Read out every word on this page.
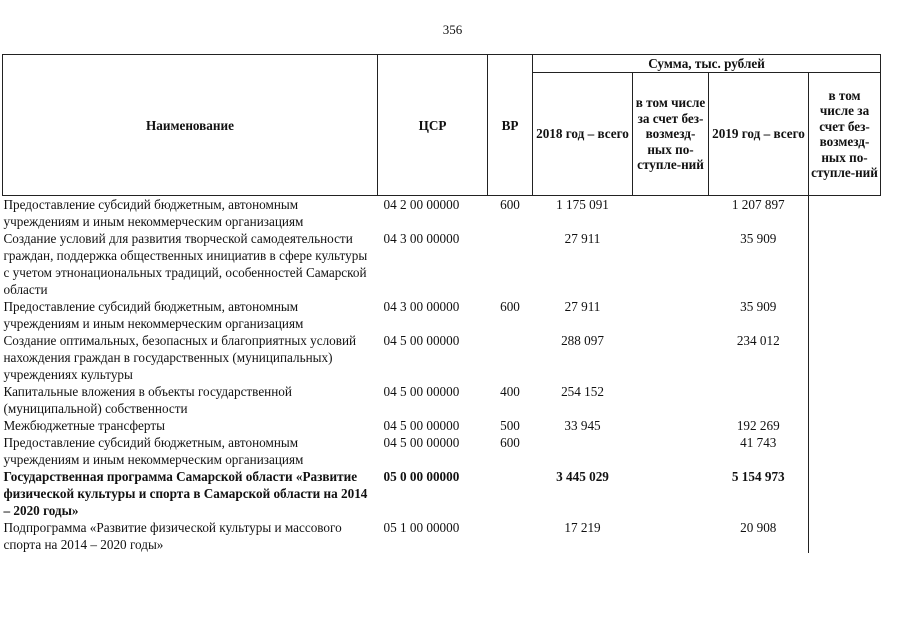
356
Наименование	ЦСР	ВР	Сумма, тыс. рублей			
			2018 год – всего	в том числе за счет без-возмезд-ных по-ступле-ний	2019 год – всего	в том числе за счет без-возмезд-ных по-ступле-ний
Предоставление субсидий бюджетным, автономным учреждениям и иным некоммерческим организациям	04 2 00 00000	600	1 175 091		1 207 897	
Создание условий для развития творческой самодеятельности граждан, поддержка общественных инициатив в сфере культуры с учетом этнонациональных традиций, особенностей Самарской области	04 3 00 00000		27 911		35 909	
Предоставление субсидий бюджетным, автономным учреждениям и иным некоммерческим организациям	04 3 00 00000	600	27 911		35 909	
Создание оптимальных, безопасных и благоприятных условий нахождения граждан в государственных (муниципальных) учреждениях культуры	04 5 00 00000		288 097		234 012	
Капитальные вложения в объекты государственной (муниципальной) собственности	04 5 00 00000	400	254 152			
Межбюджетные трансферты	04 5 00 00000	500	33 945		192 269	
Предоставление субсидий бюджетным, автономным учреждениям и иным некоммерческим организациям	04 5 00 00000	600			41 743	
Государственная программа Самарской области «Развитие физической культуры и спорта в Самарской области на 2014 – 2020 годы»	05 0 00 00000		3 445 029		5 154 973	
Подпрограмма «Развитие физической культуры и массового спорта на 2014 – 2020 годы»	05 1 00 00000		17 219		20 908	
